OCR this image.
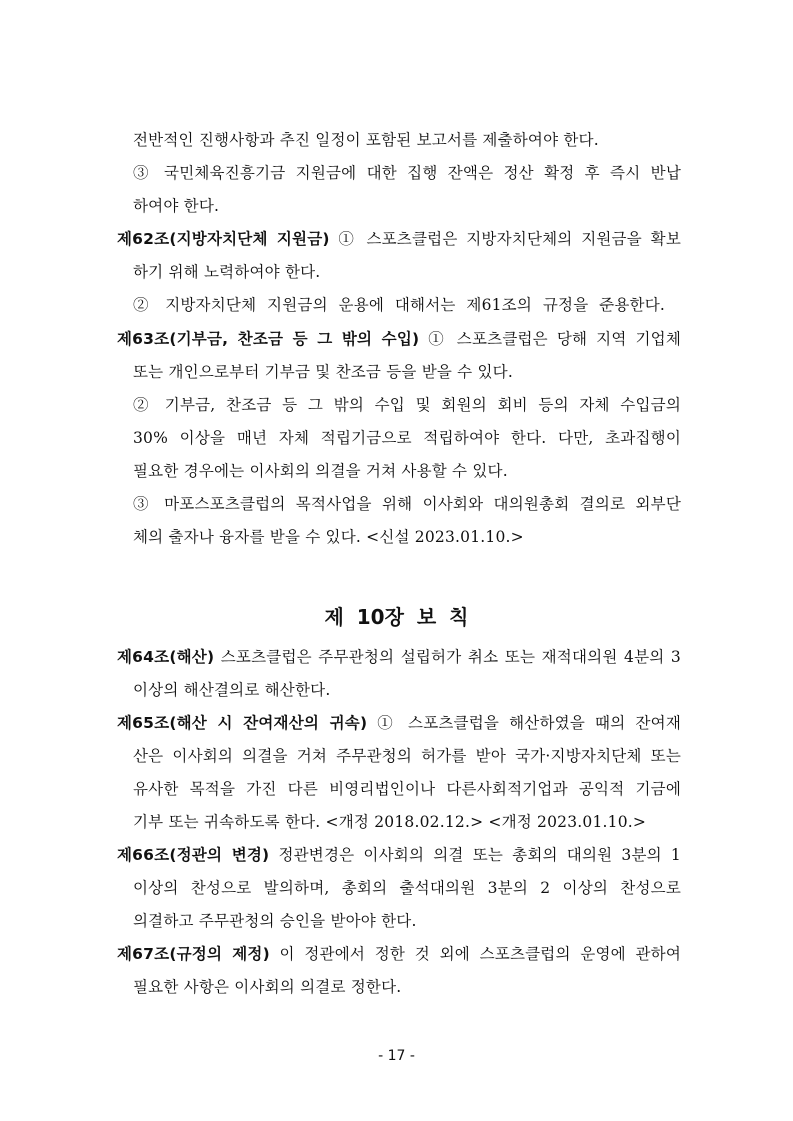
전반적인 진행사항과 추진 일정이 포함된 보고서를 제출하여야 한다.
③ 국민체육진흥기금 지원금에 대한 집행 잔액은 정산 확정 후 즉시 반납
하여야 한다.
제62조(지방자치단체 지원금) ① 스포츠클럽은 지방자치단체의 지원금을 확보
하기 위해 노력하여야 한다.
② 지방자치단체 지원금의 운용에 대해서는 제61조의 규정을 준용한다.
제63조(기부금, 찬조금 등 그 밖의 수입) ① 스포츠클럽은 당해 지역 기업체
또는 개인으로부터 기부금 및 찬조금 등을 받을 수 있다.
② 기부금, 찬조금 등 그 밖의 수입 및 회원의 회비 등의 자체 수입금의
30% 이상을 매년 자체 적립기금으로 적립하여야 한다. 다만, 초과집행이
필요한 경우에는 이사회의 의결을 거쳐 사용할 수 있다.
③ 마포스포츠클럽의 목적사업을 위해 이사회와 대의원총회 결의로 외부단
체의 출자나 융자를 받을 수 있다. <신설 2023.01.10.>
제 10장 보 칙
제64조(해산) 스포츠클럽은 주무관청의 설립허가 취소 또는 재적대의원 4분의 3
이상의 해산결의로 해산한다.
제65조(해산 시 잔여재산의 귀속) ① 스포츠클럽을 해산하였을 때의 잔여재
산은 이사회의 의결을 거쳐 주무관청의 허가를 받아 국가·지방자치단체 또는
유사한 목적을 가진 다른 비영리법인이나 다른사회적기업과 공익적 기금에
기부 또는 귀속하도록 한다. <개정 2018.02.12.> <개정 2023.01.10.>
제66조(정관의 변경) 정관변경은 이사회의 의결 또는 총회의 대의원 3분의 1
이상의 찬성으로 발의하며, 총회의 출석대의원 3분의 2 이상의 찬성으로
의결하고 주무관청의 승인을 받아야 한다.
제67조(규정의 제정) 이 정관에서 정한 것 외에 스포츠클럽의 운영에 관하여
필요한 사항은 이사회의 의결로 정한다.
- 17 -
